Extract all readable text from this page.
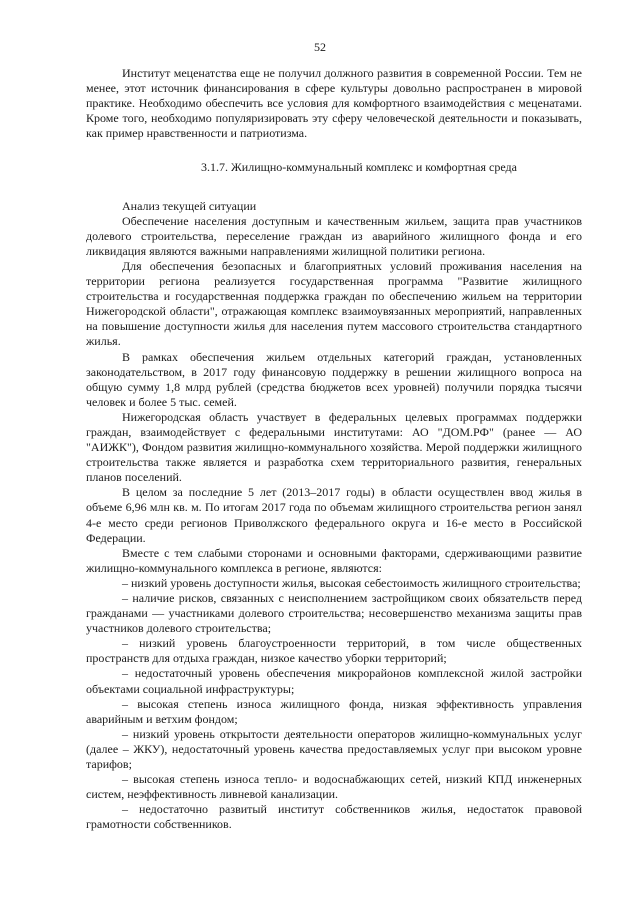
52

Институт меценатства еще не получил должного развития в современной России. Тем не менее, этот источник финансирования в сфере культуры довольно распространен в мировой практике. Необходимо обеспечить все условия для комфортного взаимодействия с меценатами. Кроме того, необходимо популяризировать эту сферу человеческой деятельности и показывать, как пример нравственности и патриотизма.

3.1.7. Жилищно-коммунальный комплекс и комфортная среда

Анализ текущей ситуации

Обеспечение населения доступным и качественным жильем, защита прав участников долевого строительства, переселение граждан из аварийного жилищного фонда и его ликвидация являются важными направлениями жилищной политики региона.

Для обеспечения безопасных и благоприятных условий проживания населения на территории региона реализуется государственная программа "Развитие жилищного строительства и государственная поддержка граждан по обеспечению жильем на территории Нижегородской области", отражающая комплекс взаимоувязанных мероприятий, направленных на повышение доступности жилья для населения путем массового строительства стандартного жилья.

В рамках обеспечения жильем отдельных категорий граждан, установленных законодательством, в 2017 году финансовую поддержку в решении жилищного вопроса на общую сумму 1,8 млрд рублей (средства бюджетов всех уровней) получили порядка тысячи человек и более 5 тыс. семей.

Нижегородская область участвует в федеральных целевых программах поддержки граждан, взаимодействует с федеральными институтами: АО "ДОМ.РФ" (ранее — АО "АИЖК"), Фондом развития жилищно-коммунального хозяйства. Мерой поддержки жилищного строительства также является и разработка схем территориального развития, генеральных планов поселений.

В целом за последние 5 лет (2013–2017 годы) в области осуществлен ввод жилья в объеме 6,96 млн кв. м. По итогам 2017 года по объемам жилищного строительства регион занял 4-е место среди регионов Приволжского федерального округа и 16-е место в Российской Федерации.

Вместе с тем слабыми сторонами и основными факторами, сдерживающими развитие жилищно-коммунального комплекса в регионе, являются:

– низкий уровень доступности жилья, высокая себестоимость жилищного строительства;

– наличие рисков, связанных с неисполнением застройщиком своих обязательств перед гражданами — участниками долевого строительства; несовершенство механизма защиты прав участников долевого строительства;

– низкий уровень благоустроенности территорий, в том числе общественных пространств для отдыха граждан, низкое качество уборки территорий;

– недостаточный уровень обеспечения микрорайонов комплексной жилой застройки объектами социальной инфраструктуры;

– высокая степень износа жилищного фонда, низкая эффективность управления аварийным и ветхим фондом;

– низкий уровень открытости деятельности операторов жилищно-коммунальных услуг (далее – ЖКУ), недостаточный уровень качества предоставляемых услуг при высоком уровне тарифов;

– высокая степень износа тепло- и водоснабжающих сетей, низкий КПД инженерных систем, неэффективность ливневой канализации.

– недостаточно развитый институт собственников жилья, недостаток правовой грамотности собственников.
